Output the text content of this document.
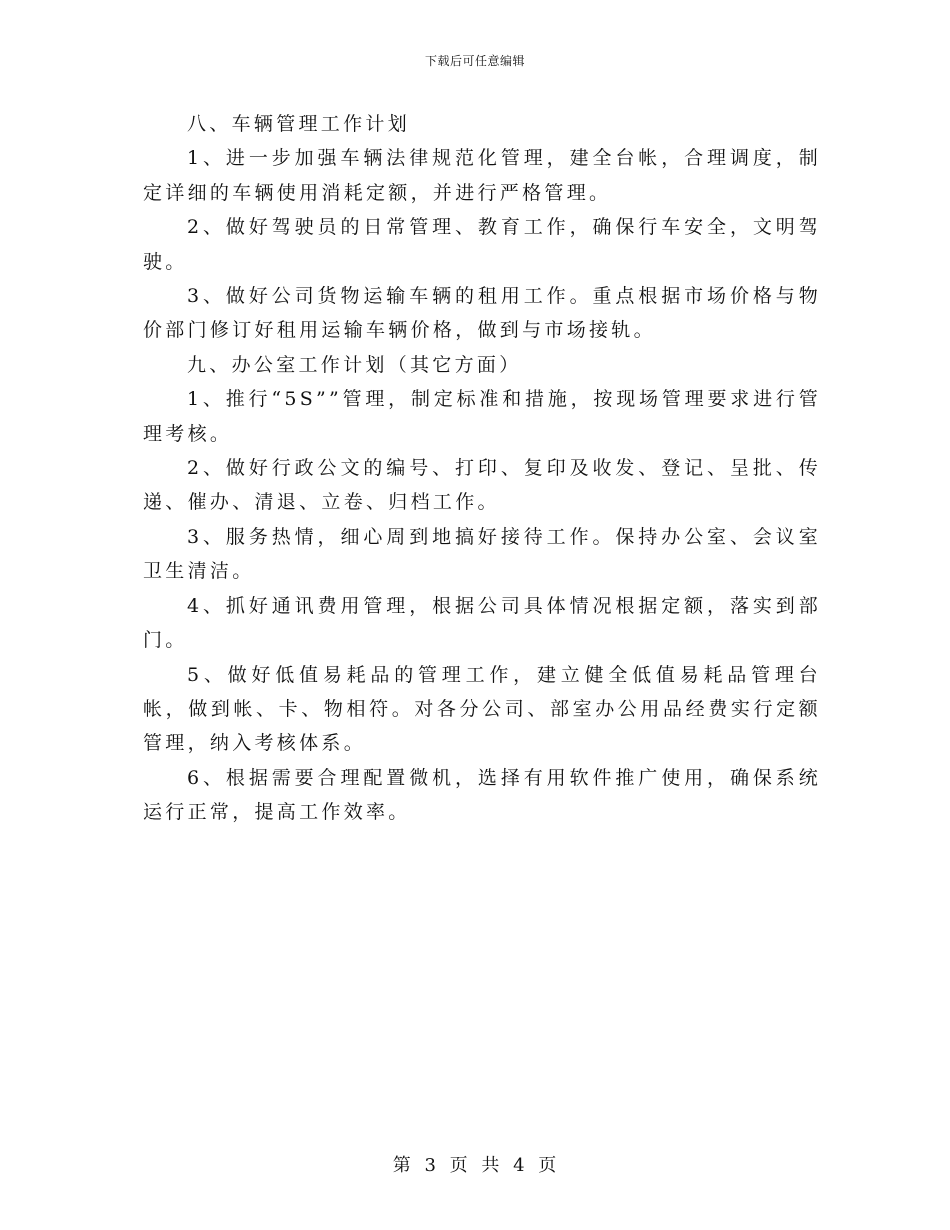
下载后可任意编辑

八、车辆管理工作计划

1、进一步加强车辆法律规范化管理，建全台帐，合理调度，制定详细的车辆使用消耗定额，并进行严格管理。

2、做好驾驶员的日常管理、教育工作，确保行车安全，文明驾驶。

3、做好公司货物运输车辆的租用工作。重点根据市场价格与物价部门修订好租用运输车辆价格，做到与市场接轨。

九、办公室工作计划（其它方面）

1、推行“5S””管理，制定标准和措施，按现场管理要求进行管理考核。

2、做好行政公文的编号、打印、复印及收发、登记、呈批、传递、催办、清退、立卷、归档工作。

3、服务热情，细心周到地搞好接待工作。保持办公室、会议室卫生清洁。

4、抓好通讯费用管理，根据公司具体情况根据定额，落实到部门。

5、做好低值易耗品的管理工作，建立健全低值易耗品管理台帐，做到帐、卡、物相符。对各分公司、部室办公用品经费实行定额管理，纳入考核体系。

6、根据需要合理配置微机，选择有用软件推广使用，确保系统运行正常，提高工作效率。

第 3 页 共 4 页
